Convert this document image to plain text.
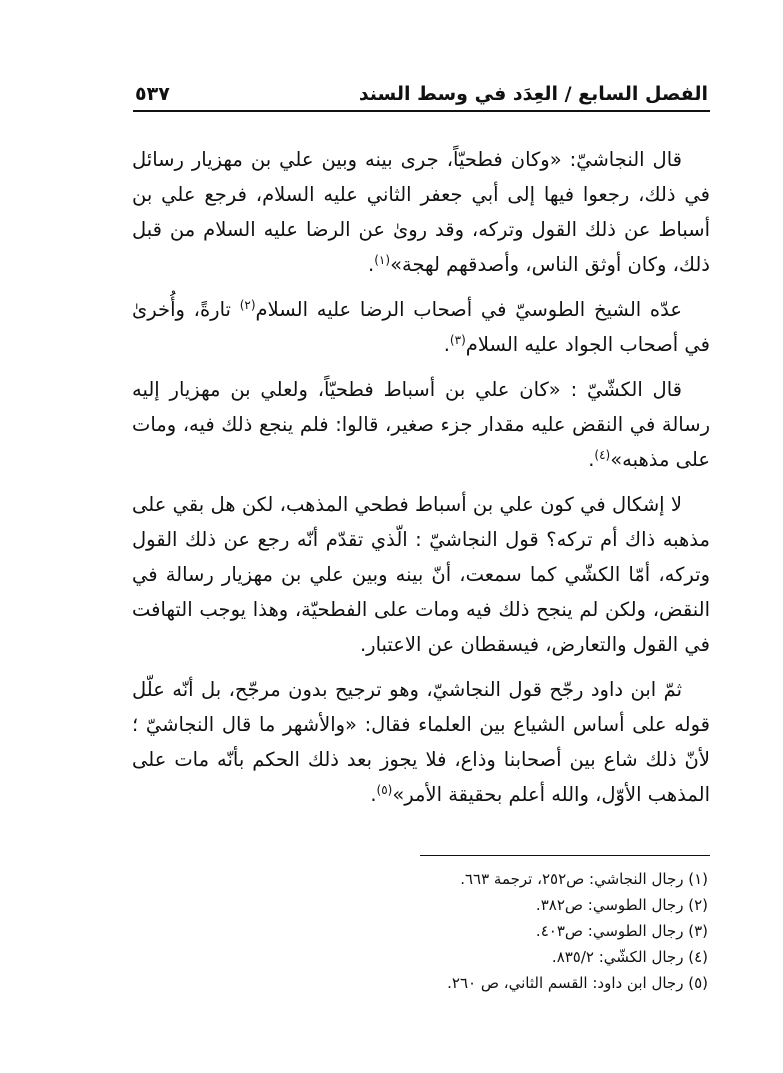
الفصل السابع / العِدَد في وسط السند
٥٣٧

قال النجاشيّ: «وكان فطحيّاً، جرى بينه وبين علي بن مهزيار رسائل في ذلك، رجعوا فيها إلى أبي جعفر الثاني عليه السلام، فرجع علي بن أسباط عن ذلك القول وتركه، وقد روىٰ عن الرضا عليه السلام من قبل ذلك، وكان أوثق الناس، وأصدقهم لهجة»$^{(١)}$.

عدّه الشيخ الطوسيّ في أصحاب الرضا عليه السلام$^{(٢)}$ تارةً، وأُخرىٰ في أصحاب الجواد عليه السلام$^{(٣)}$.

قال الكشّيّ : «كان علي بن أسباط فطحيّاً، ولعلي بن مهزيار إليه رسالة في النقض عليه مقدار جزء صغير، قالوا: فلم ينجع ذلك فيه، ومات على مذهبه»$^{(٤)}$.

لا إشكال في كون علي بن أسباط فطحي المذهب، لكن هل بقي على مذهبه ذاك أم تركه؟ قول النجاشيّ : الّذي تقدّم أنّه رجع عن ذلك القول وتركه، أمّا الكشّي كما سمعت، أنّ بينه وبين علي بن مهزيار رسالة في النقض، ولكن لم ينجح ذلك فيه ومات على الفطحيّة، وهذا يوجب التهافت في القول والتعارض، فيسقطان عن الاعتبار.

ثمّ ابن داود رجّح قول النجاشيّ، وهو ترجيح بدون مرجّح، بل أنّه علّل قوله على أساس الشياع بين العلماء فقال: «والأشهر ما قال النجاشيّ ؛ لأنّ ذلك شاع بين أصحابنا وذاع، فلا يجوز بعد ذلك الحكم بأنّه مات على المذهب الأوّل، والله أعلم بحقيقة الأمر»$^{(٥)}$.

(١) رجال النجاشي: ص٢٥٢، ترجمة ٦٦٣.
(٢) رجال الطوسي: ص٣٨٢.
(٣) رجال الطوسي: ص٤٠٣.
(٤) رجال الكشّي: ٨٣٥/٢.
(٥) رجال ابن داود: القسم الثاني، ص ٢٦٠.
